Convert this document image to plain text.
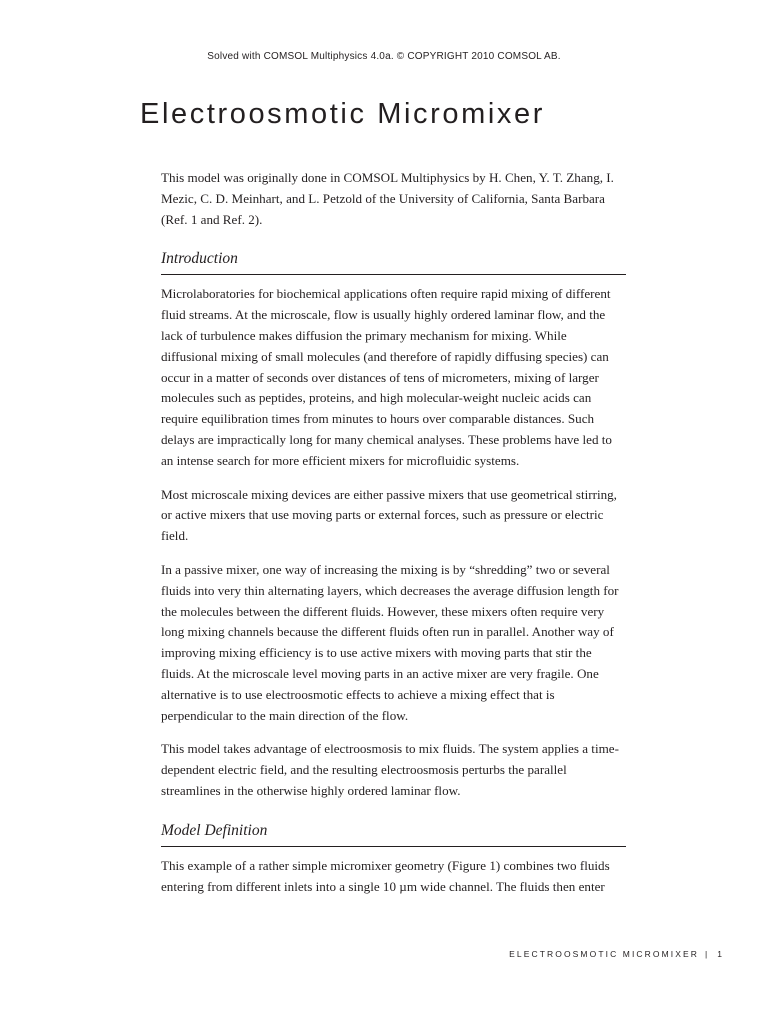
Solved with COMSOL Multiphysics 4.0a. © COPYRIGHT 2010 COMSOL AB.
Electroosmotic Micromixer

This model was originally done in COMSOL Multiphysics by H. Chen, Y. T. Zhang, I. Mezic, C. D. Meinhart, and L. Petzold of the University of California, Santa Barbara (Ref. 1 and Ref. 2).

Introduction

Microlaboratories for biochemical applications often require rapid mixing of different fluid streams. At the microscale, flow is usually highly ordered laminar flow, and the lack of turbulence makes diffusion the primary mechanism for mixing. While diffusional mixing of small molecules (and therefore of rapidly diffusing species) can occur in a matter of seconds over distances of tens of micrometers, mixing of larger molecules such as peptides, proteins, and high molecular-weight nucleic acids can require equilibration times from minutes to hours over comparable distances. Such delays are impractically long for many chemical analyses. These problems have led to an intense search for more efficient mixers for microfluidic systems.

Most microscale mixing devices are either passive mixers that use geometrical stirring, or active mixers that use moving parts or external forces, such as pressure or electric field.

In a passive mixer, one way of increasing the mixing is by “shredding” two or several fluids into very thin alternating layers, which decreases the average diffusion length for the molecules between the different fluids. However, these mixers often require very long mixing channels because the different fluids often run in parallel. Another way of improving mixing efficiency is to use active mixers with moving parts that stir the fluids. At the microscale level moving parts in an active mixer are very fragile. One alternative is to use electroosmotic effects to achieve a mixing effect that is perpendicular to the main direction of the flow.

This model takes advantage of electroosmosis to mix fluids. The system applies a time-dependent electric field, and the resulting electroosmosis perturbs the parallel streamlines in the otherwise highly ordered laminar flow.

Model Definition

This example of a rather simple micromixer geometry (Figure 1) combines two fluids entering from different inlets into a single 10 µm wide channel. The fluids then enter

ELECTROOSMOTIC MICROMIXER | 1
